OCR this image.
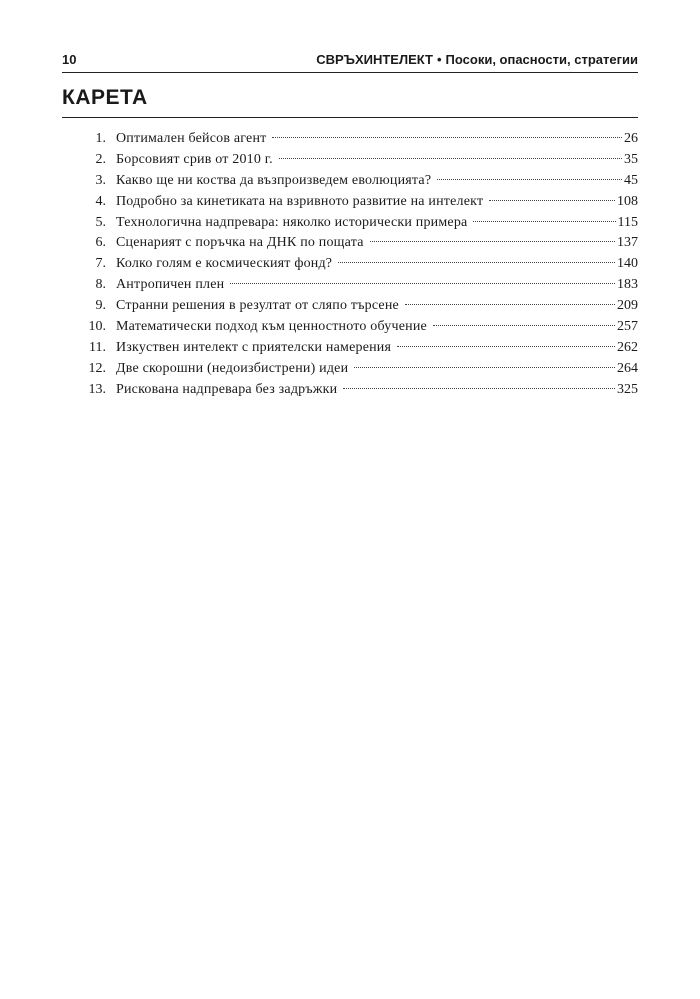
10	СВРЪХИНТЕЛЕКТ • Посоки, опасности, стратегии
КАРЕТА
1. Оптимален бейсов агент	26
2. Борсовият срив от 2010 г.	35
3. Какво ще ни коства да възпроизведем еволюцията?	45
4. Подробно за кинетиката на взривното развитие на интелект	108
5. Технологична надпревара: няколко исторически примера	115
6. Сценарият с поръчка на ДНК по пощата	137
7. Колко голям е космическият фонд?	140
8. Антропичен плен	183
9. Странни решения в резултат от сляпо търсене	209
10. Математически подход към ценностното обучение	257
11. Изкуствен интелект с приятелски намерения	262
12. Две скорошни (недоизбистрени) идеи	264
13. Рискована надпревара без задръжки	325
